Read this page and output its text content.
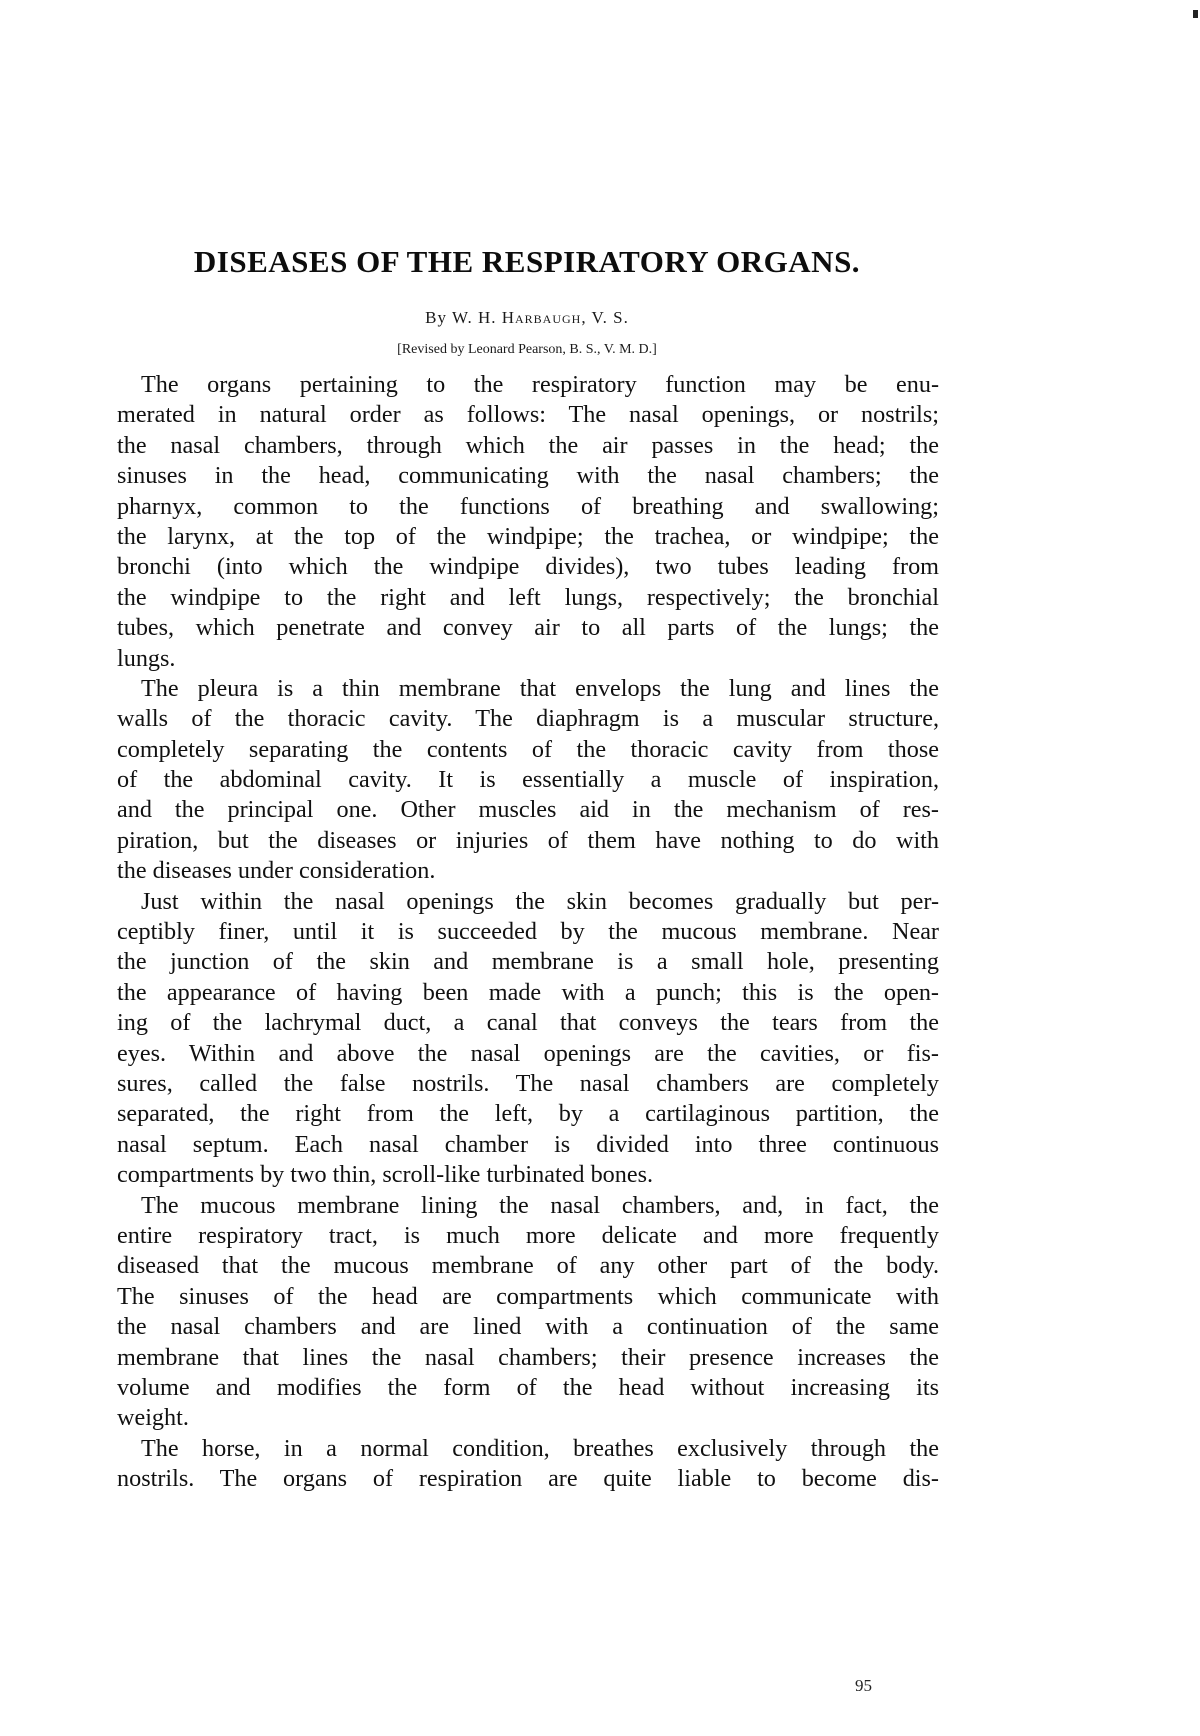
DISEASES OF THE RESPIRATORY ORGANS.
By W. H. Harbaugh, V. S.
[Revised by Leonard Pearson, B. S., V. M. D.]
The organs pertaining to the respiratory function may be enu-
merated in natural order as follows: The nasal openings, or nostrils;
the nasal chambers, through which the air passes in the head; the
sinuses in the head, communicating with the nasal chambers; the
pharnyx, common to the functions of breathing and swallowing;
the larynx, at the top of the windpipe; the trachea, or windpipe; the
bronchi (into which the windpipe divides), two tubes leading from
the windpipe to the right and left lungs, respectively; the bronchial
tubes, which penetrate and convey air to all parts of the lungs; the
lungs.
The pleura is a thin membrane that envelops the lung and lines the
walls of the thoracic cavity. The diaphragm is a muscular structure,
completely separating the contents of the thoracic cavity from those
of the abdominal cavity. It is essentially a muscle of inspiration,
and the principal one. Other muscles aid in the mechanism of res-
piration, but the diseases or injuries of them have nothing to do with
the diseases under consideration.
Just within the nasal openings the skin becomes gradually but per-
ceptibly finer, until it is succeeded by the mucous membrane. Near
the junction of the skin and membrane is a small hole, presenting
the appearance of having been made with a punch; this is the open-
ing of the lachrymal duct, a canal that conveys the tears from the
eyes. Within and above the nasal openings are the cavities, or fis-
sures, called the false nostrils. The nasal chambers are completely
separated, the right from the left, by a cartilaginous partition, the
nasal septum. Each nasal chamber is divided into three continuous
compartments by two thin, scroll-like turbinated bones.
The mucous membrane lining the nasal chambers, and, in fact, the
entire respiratory tract, is much more delicate and more frequently
diseased that the mucous membrane of any other part of the body.
The sinuses of the head are compartments which communicate with
the nasal chambers and are lined with a continuation of the same
membrane that lines the nasal chambers; their presence increases the
volume and modifies the form of the head without increasing its
weight.
The horse, in a normal condition, breathes exclusively through the
nostrils. The organs of respiration are quite liable to become dis-
95
